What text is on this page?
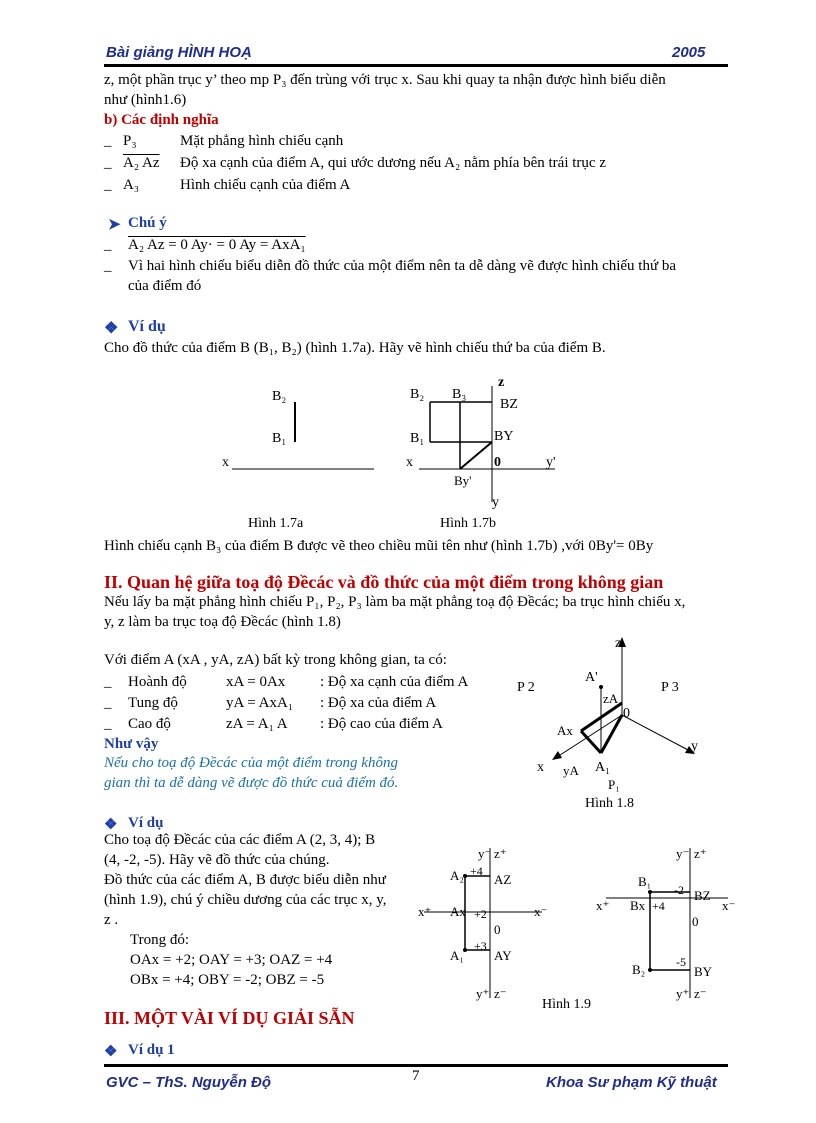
Bài giảng HÌNH HOẠ	2005
z, một phần trục y’ theo mp P₃ đến trùng với trục x. Sau khi quay ta nhận được hình biểu diễn
như (hình1.6)
b) Các định nghĩa
_ P₃	Mặt phẳng hình chiếu cạnh
_ A₂ Az Độ xa cạnh của điểm A, qui ước dương nếu A₂ nằm phía bên trái trục z
_ A₃	Hình chiếu cạnh của điểm A
➤ Chú ý
_ A₂ Az = 0 Ay· = 0 Ay = AxA₁
_ Vì hai hình chiếu biểu diễn đồ thức của một điểm nên ta dễ dàng vẽ được hình chiếu thứ ba
của điểm đó
❖ Ví dụ
Cho đồ thức của điểm B (B₁, B₂) (hình 1.7a). Hãy vẽ hình chiếu thứ ba của điểm B.
B₂
B₁
x
B₂ B₃
z
BZ
B₁	BY
x	0	y'
By'
y
Hình 1.7a	Hình 1.7b
Hình chiếu cạnh B₃ của điểm B được vẽ theo chiều mũi tên như (hình 1.7b) ,với 0By'= 0By
II. Quan hệ giữa toạ độ Đềcác và đồ thức của một điểm trong không gian
Nếu lấy ba mặt phẳng hình chiếu P₁, P₂, P₃ làm ba mặt phẳng toạ độ Đềcác; ba trục hình chiếu x,
y, z làm ba trục toạ độ Đềcác (hình 1.8)
Với điểm A (xA , yA, zA) bất kỳ trong không gian, ta có:
_ Hoành độ	xA = 0Ax : Độ xa cạnh của điểm A
_ Tung độ	yA = AxA₁ : Độ xa của điểm A
_ Cao độ	zA = A₁ A : Độ cao của điểm A
Như vậy
Nếu cho toạ độ Đềcác của một điểm trong không
gian thì ta dễ dàng vẽ được đồ thức cuả điểm đó.
z
P 2
A'
P 3
zA
0
Ax
y
x yA A₁
P₁
Hình 1.8
❖ Ví dụ
Cho toạ độ Đềcác của các điểm A (2, 3, 4); B
(4, -2, -5). Hãy vẽ đồ thức của chúng.
Đồ thức của các điểm A, B được biểu diễn như
(hình 1.9), chú ý chiều dương của các trục x, y,
z .
Trong đó:
OAx = +2; OAY = +3; OAZ = +4
OBx = +4; OBY = -2; OBZ = -5
y⁻ z⁺
A₂ +4
AZ
x⁺ Ax +2	x⁻
0
A₁
+3
AY
y⁺ z⁻
y⁻ z⁺
B₁
-2 BZ
x⁺ Bx +4	x⁻
0
B₂	-5
BY
y⁺ z⁻
Hình 1.9
III. MỘT VÀI VÍ DỤ GIẢI SẴN
❖ Ví dụ 1
GVC – ThS. Nguyễn Độ	7	Khoa Sư phạm Kỹ thuật
